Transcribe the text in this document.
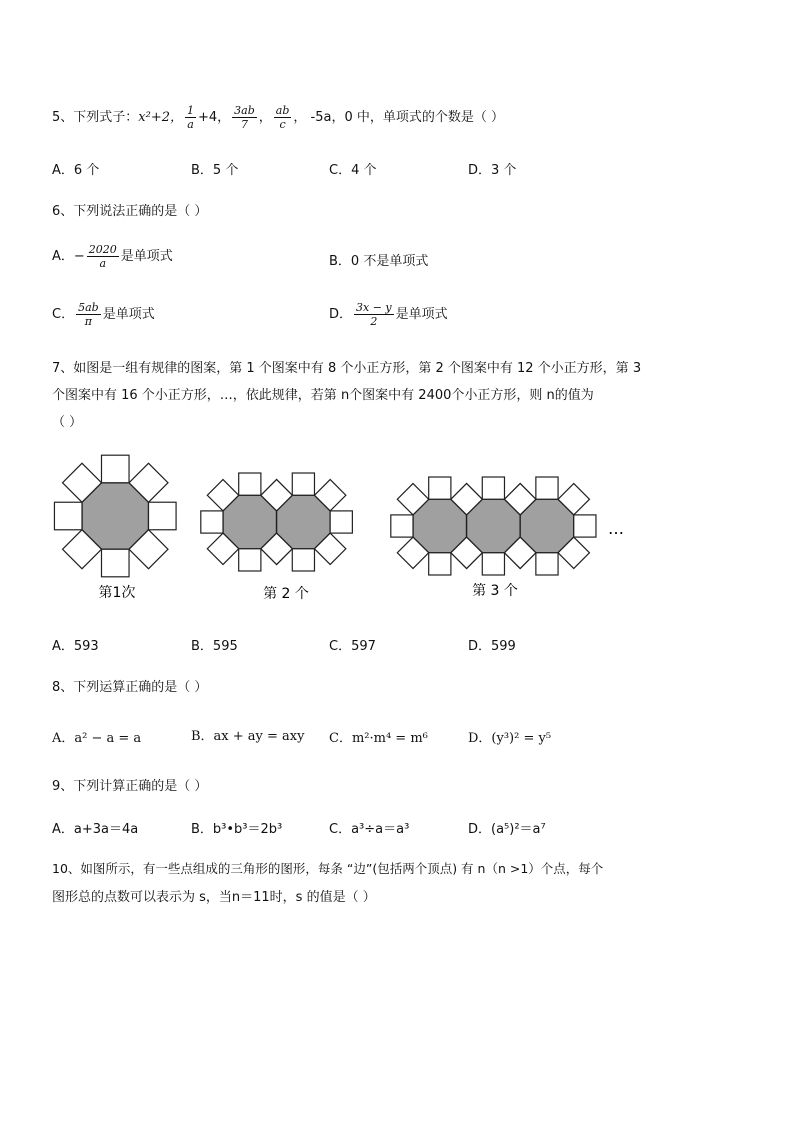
5、下列式子：x²+2， $\frac{1}{a} +4$， $\frac{3ab}{7}$ ， $\frac{ab}{c}$ ， -5a，0 中，单项式的个数是（ ）
A．6 个	B．5 个	C．4 个	D．3 个
6、下列说法正确的是（ ）
A．− $\frac{2020}{a}$ 是单项式	B．0 不是单项式
C． $\frac{5ab}{\pi}$ 是单项式	D． $\frac{3x - y}{2}$ 是单项式
7、如图是一组有规律的图案，第 1 个图案中有 8 个小正方形，第 2 个图案中有 12 个小正方形，第 3
个图案中有 16 个小正方形，…，依此规律，若第 n个图案中有 2400个小正方形，则 n的值为
（ ）
第1次	第 2 个	第 3 个
…
A．593	B．595	C．597	D．599
8、下列运算正确的是（ ）
A．a² − a = a	B．ax + ay = axy C．m²·m⁴ = m⁶	D．(y³)² = y⁵
9、下列计算正确的是（ ）
A．a+3a＝4a	B．b³•b³＝2b³	C．a³÷a＝a³	D．(a⁵)²＝a⁷
10、如图所示，有一些点组成的三角形的图形，每条 “边”(包括两个顶点) 有 n（n >1）个点，每个
图形总的点数可以表示为 s，当n＝11时，s 的值是（ ）
